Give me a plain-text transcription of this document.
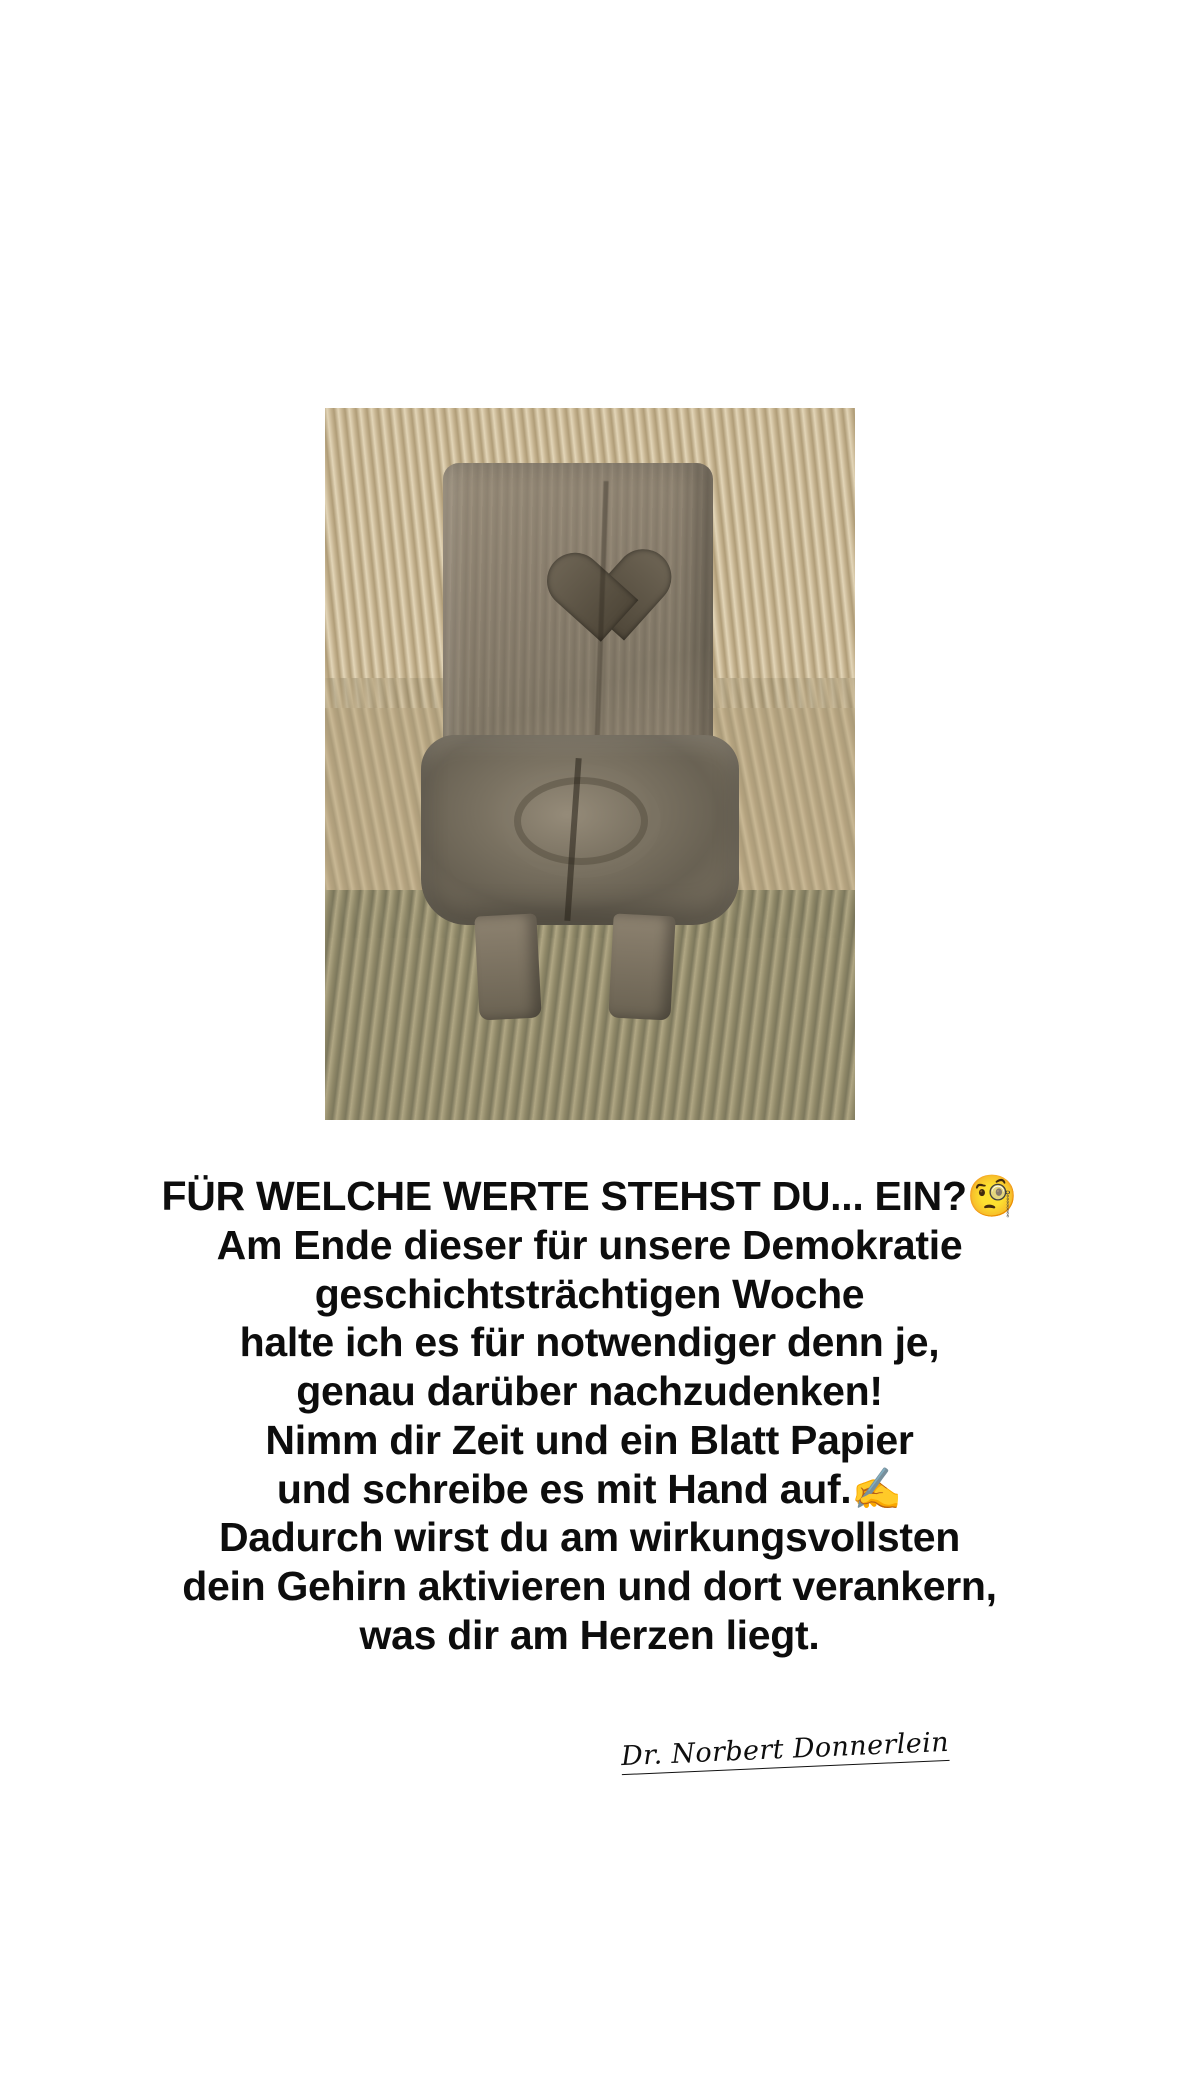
FÜR WELCHE WERTE STEHST DU... EIN?🧐
Am Ende dieser für unsere Demokratie
geschichtsträchtigen Woche
halte ich es für notwendiger denn je,
genau darüber nachzudenken!
Nimm dir Zeit und ein Blatt Papier
und schreibe es mit Hand auf.✍️
Dadurch wirst du am wirkungsvollsten
dein Gehirn aktivieren und dort verankern,
was dir am Herzen liegt.
Dr. Norbert Donnerlein
